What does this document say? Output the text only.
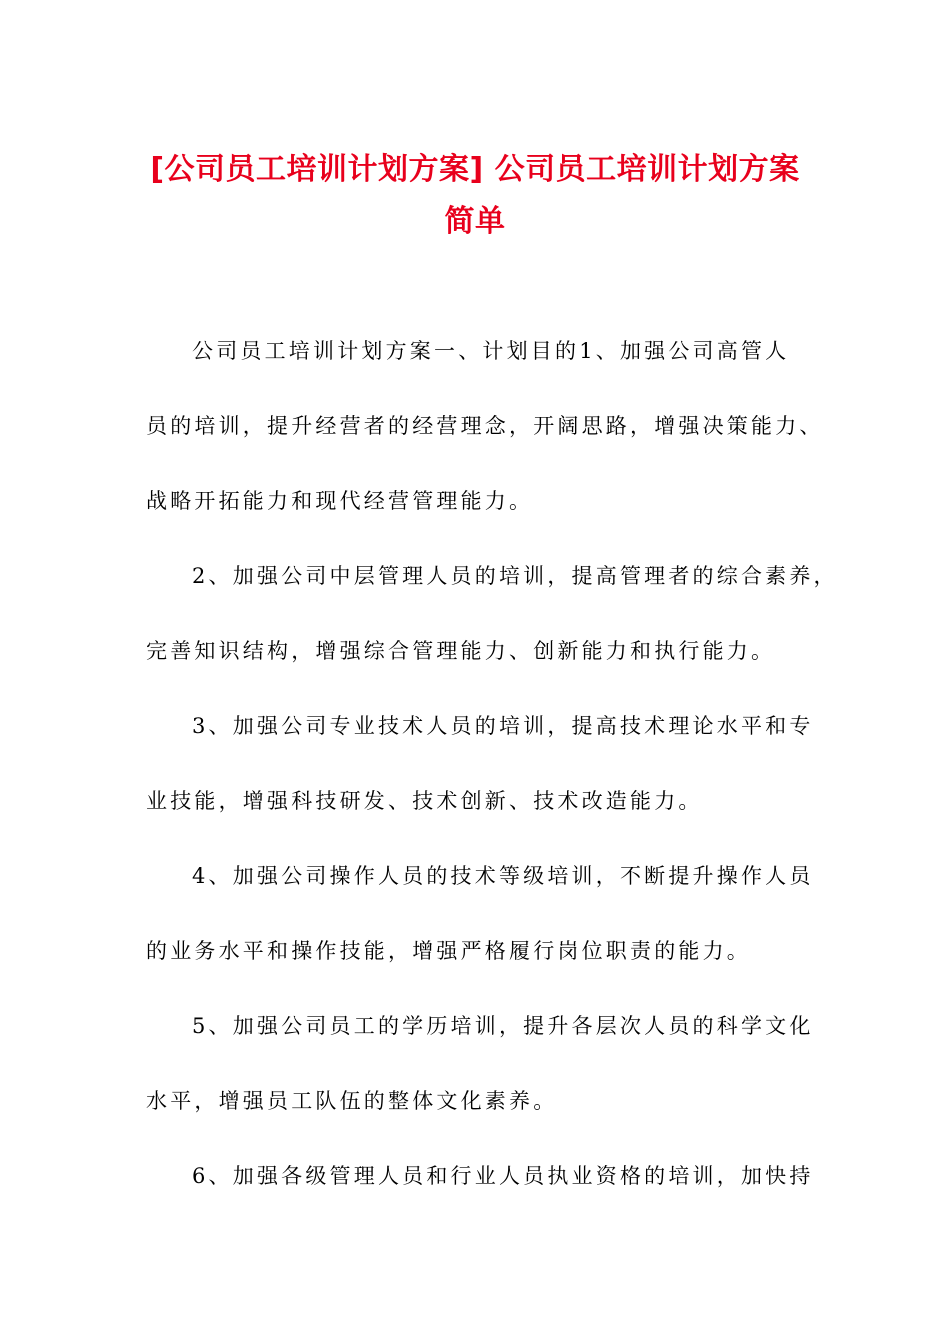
[公司员工培训计划方案] 公司员工培训计划方案简单
公司员工培训计划方案一、计划目的1、加强公司高管人
员的培训，提升经营者的经营理念，开阔思路，增强决策能力、
战略开拓能力和现代经营管理能力。
2、加强公司中层管理人员的培训，提高管理者的综合素养，
完善知识结构，增强综合管理能力、创新能力和执行能力。
3、加强公司专业技术人员的培训，提高技术理论水平和专
业技能，增强科技研发、技术创新、技术改造能力。
4、加强公司操作人员的技术等级培训，不断提升操作人员
的业务水平和操作技能，增强严格履行岗位职责的能力。
5、加强公司员工的学历培训，提升各层次人员的科学文化
水平，增强员工队伍的整体文化素养。
6、加强各级管理人员和行业人员执业资格的培训，加快持
